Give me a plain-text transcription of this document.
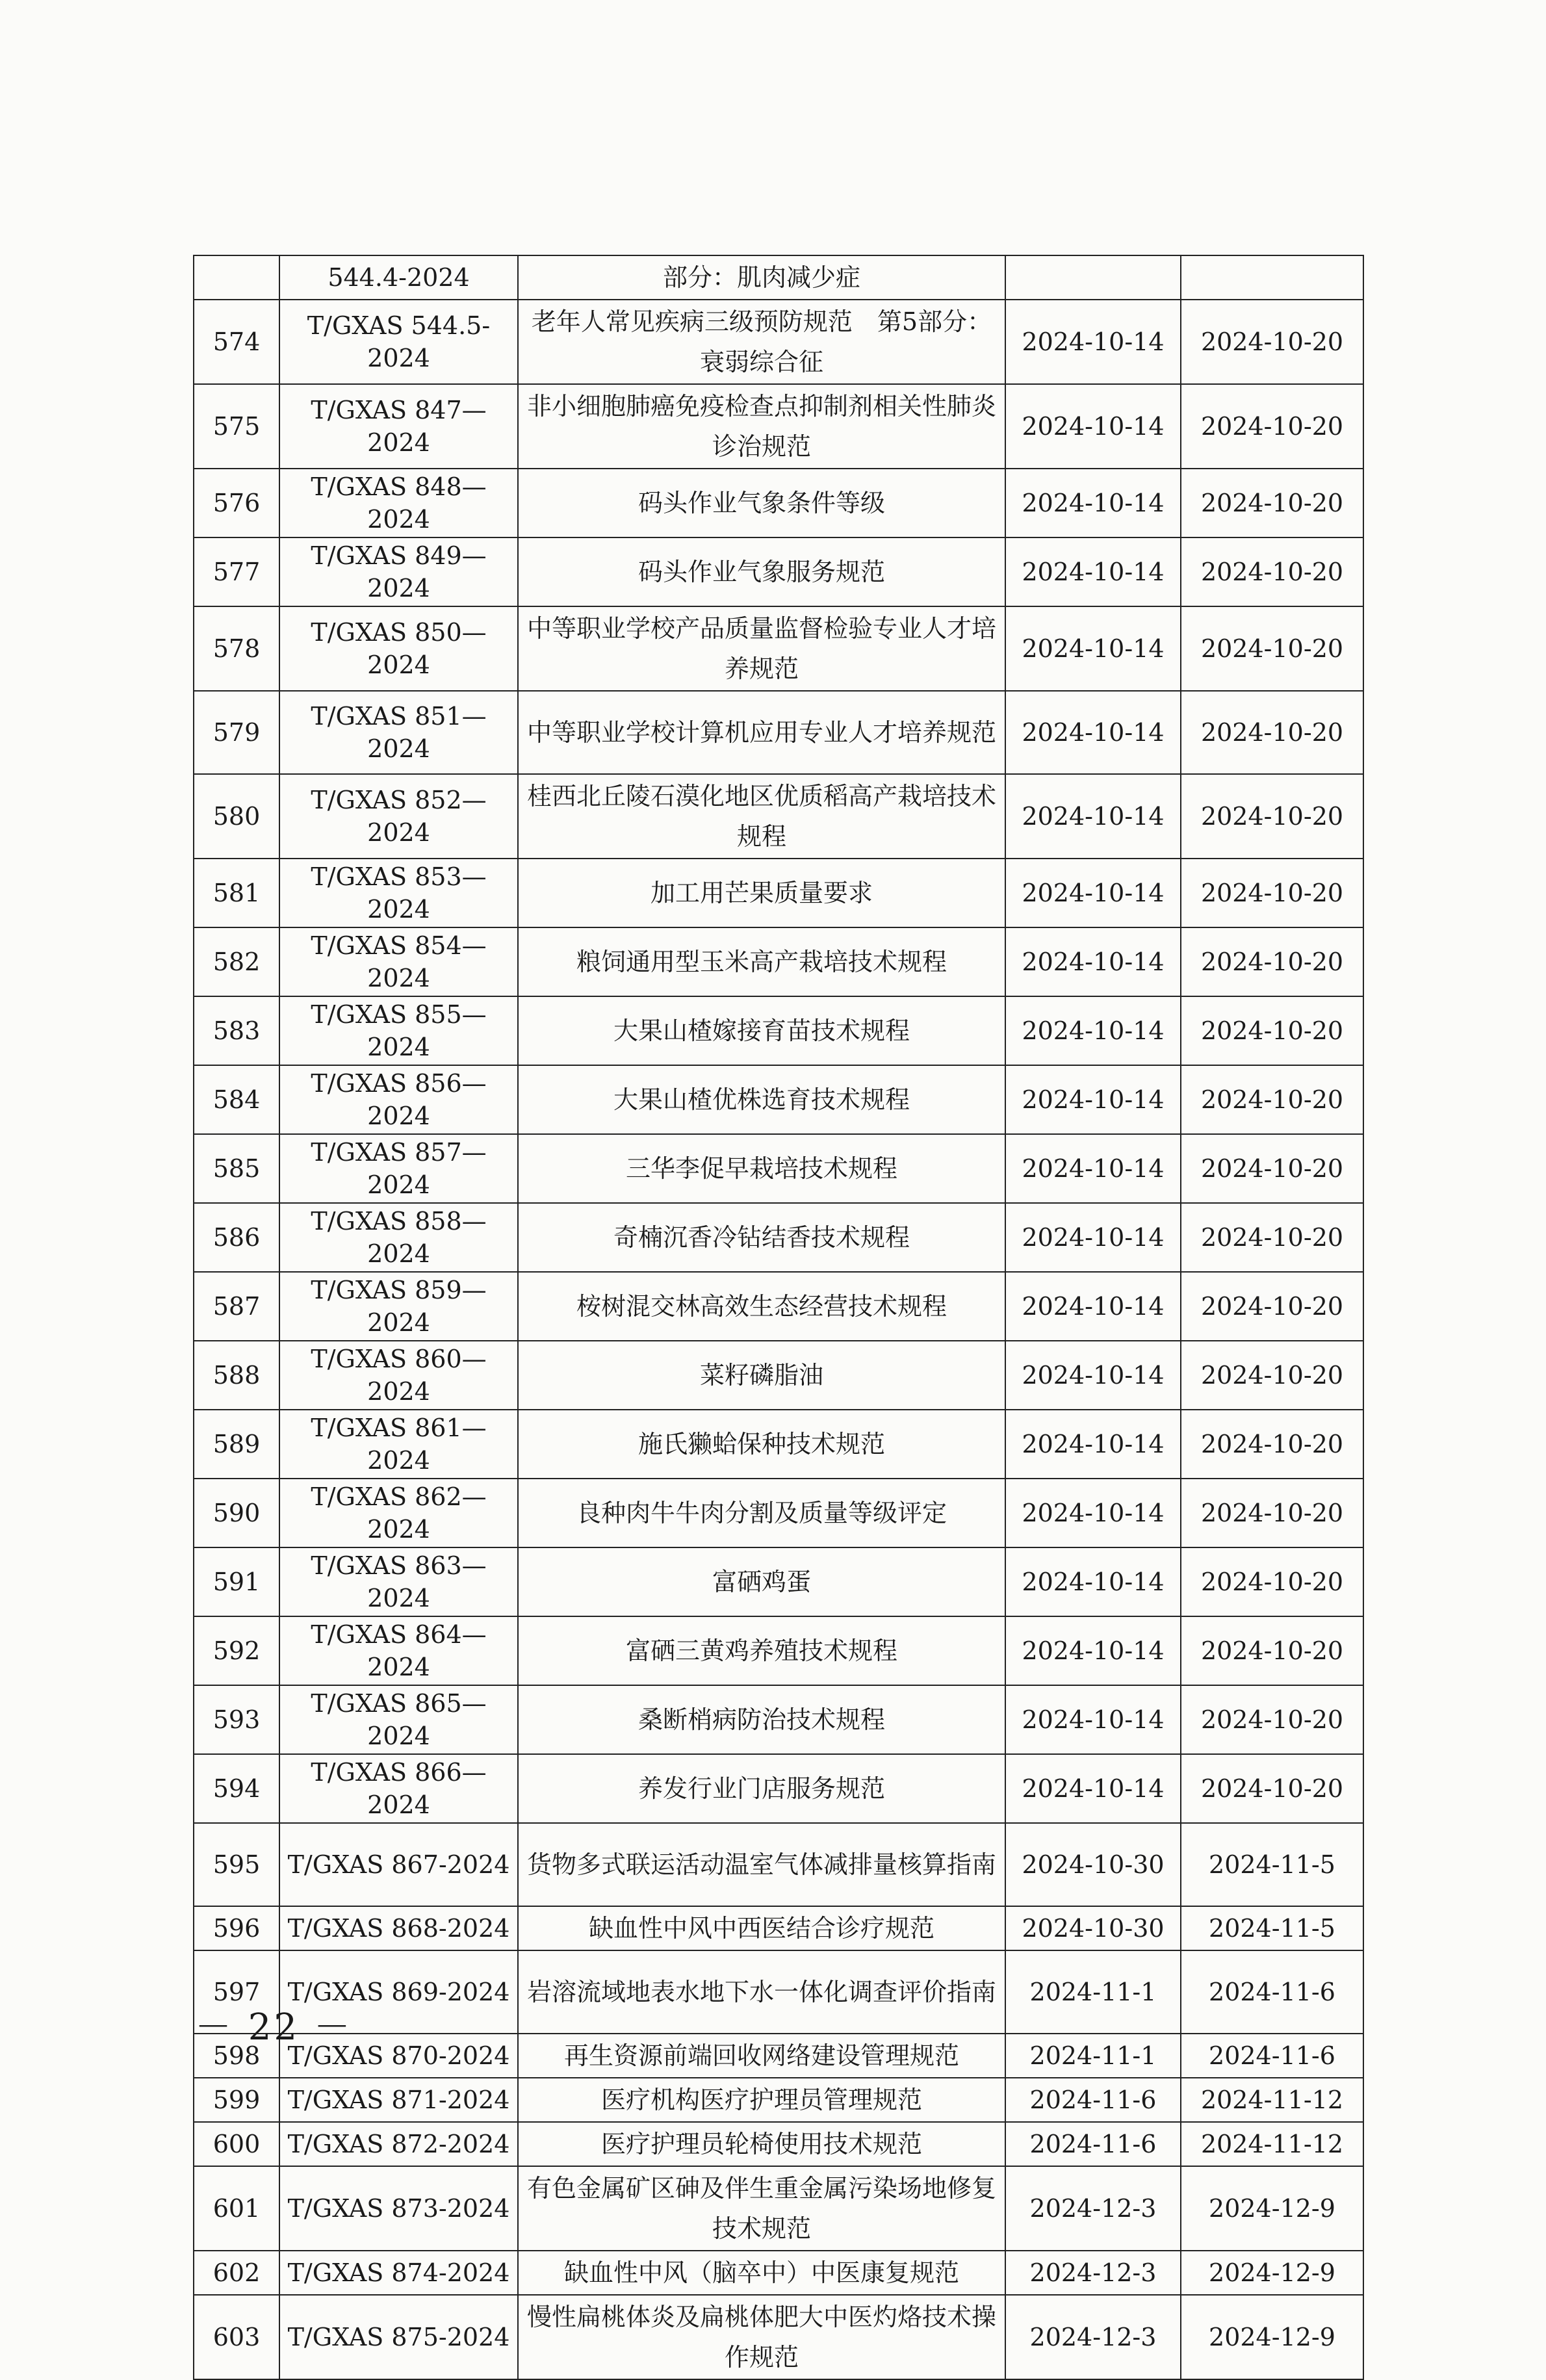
	544.4-2024	部分：肌肉减少症		
574	T/GXAS 544.5-2024	老年人常见疾病三级预防规范　第5部分：衰弱综合征	2024-10-14	2024-10-20
575	T/GXAS 847—2024	非小细胞肺癌免疫检查点抑制剂相关性肺炎诊治规范	2024-10-14	2024-10-20
576	T/GXAS 848—2024	码头作业气象条件等级	2024-10-14	2024-10-20
577	T/GXAS 849—2024	码头作业气象服务规范	2024-10-14	2024-10-20
578	T/GXAS 850—2024	中等职业学校产品质量监督检验专业人才培养规范	2024-10-14	2024-10-20
579	T/GXAS 851—2024	中等职业学校计算机应用专业人才培养规范	2024-10-14	2024-10-20
580	T/GXAS 852—2024	桂西北丘陵石漠化地区优质稻高产栽培技术规程	2024-10-14	2024-10-20
581	T/GXAS 853—2024	加工用芒果质量要求	2024-10-14	2024-10-20
582	T/GXAS 854—2024	粮饲通用型玉米高产栽培技术规程	2024-10-14	2024-10-20
583	T/GXAS 855—2024	大果山楂嫁接育苗技术规程	2024-10-14	2024-10-20
584	T/GXAS 856—2024	大果山楂优株选育技术规程	2024-10-14	2024-10-20
585	T/GXAS 857—2024	三华李促早栽培技术规程	2024-10-14	2024-10-20
586	T/GXAS 858—2024	奇楠沉香冷钻结香技术规程	2024-10-14	2024-10-20
587	T/GXAS 859—2024	桉树混交林高效生态经营技术规程	2024-10-14	2024-10-20
588	T/GXAS 860—2024	菜籽磷脂油	2024-10-14	2024-10-20
589	T/GXAS 861—2024	施氏獭蛤保种技术规范	2024-10-14	2024-10-20
590	T/GXAS 862—2024	良种肉牛牛肉分割及质量等级评定	2024-10-14	2024-10-20
591	T/GXAS 863—2024	富硒鸡蛋	2024-10-14	2024-10-20
592	T/GXAS 864—2024	富硒三黄鸡养殖技术规程	2024-10-14	2024-10-20
593	T/GXAS 865—2024	桑断梢病防治技术规程	2024-10-14	2024-10-20
594	T/GXAS 866—2024	养发行业门店服务规范	2024-10-14	2024-10-20
595	T/GXAS 867-2024	货物多式联运活动温室气体减排量核算指南	2024-10-30	2024-11-5
596	T/GXAS 868-2024	缺血性中风中西医结合诊疗规范	2024-10-30	2024-11-5
597	T/GXAS 869-2024	岩溶流域地表水地下水一体化调查评价指南	2024-11-1	2024-11-6
598	T/GXAS 870-2024	再生资源前端回收网络建设管理规范	2024-11-1	2024-11-6
599	T/GXAS 871-2024	医疗机构医疗护理员管理规范	2024-11-6	2024-11-12
600	T/GXAS 872-2024	医疗护理员轮椅使用技术规范	2024-11-6	2024-11-12
601	T/GXAS 873-2024	有色金属矿区砷及伴生重金属污染场地修复技术规范	2024-12-3	2024-12-9
602	T/GXAS 874-2024	缺血性中风（脑卒中）中医康复规范	2024-12-3	2024-12-9
603	T/GXAS 875-2024	慢性扁桃体炎及扁桃体肥大中医灼烙技术操作规范	2024-12-3	2024-12-9
－ 22 －
